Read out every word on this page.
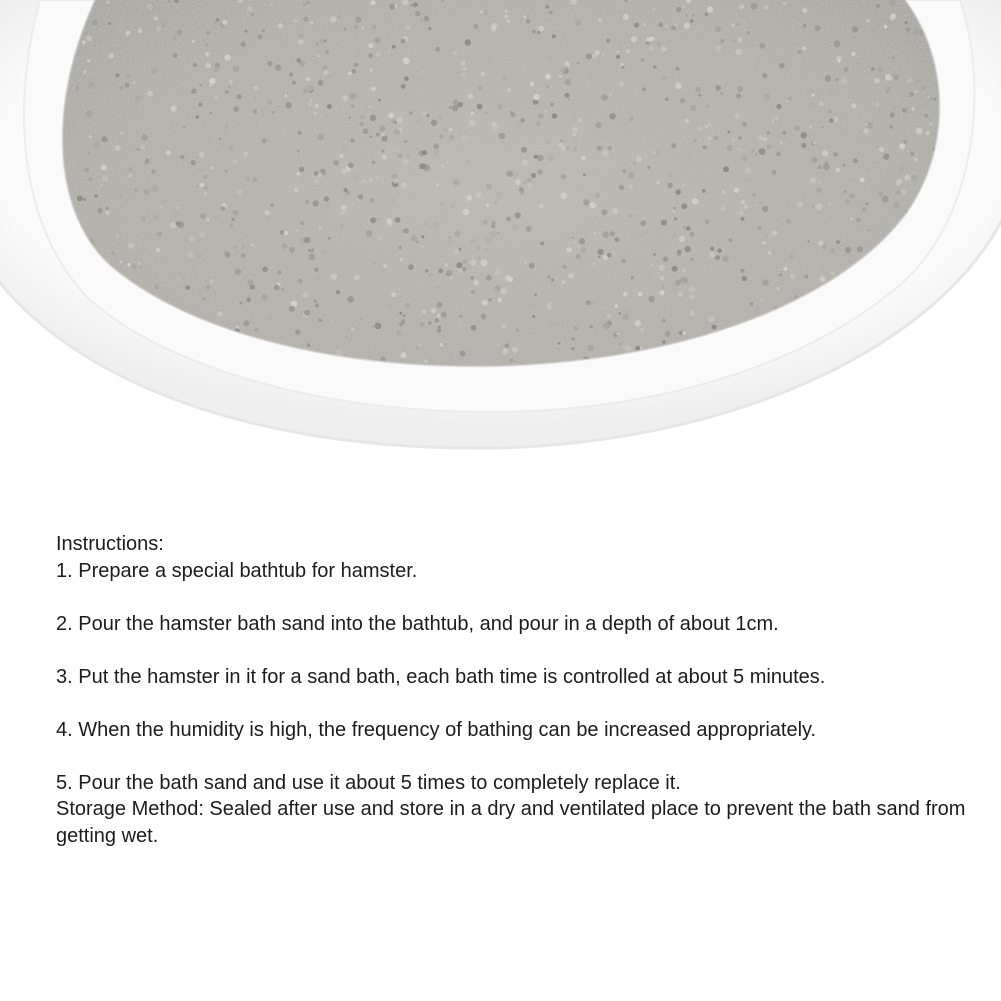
Instructions:

1. Prepare a special bathtub for hamster.

2. Pour the hamster bath sand into the bathtub, and pour in a depth of about 1cm.

3. Put the hamster in it for a sand bath, each bath time is controlled at about 5 minutes.

4. When the humidity is high, the frequency of bathing can be increased appropriately.

5. Pour the bath sand and use it about 5 times to completely replace it.

Storage Method: Sealed after use and store in a dry and ventilated place to prevent the bath sand from getting wet.
